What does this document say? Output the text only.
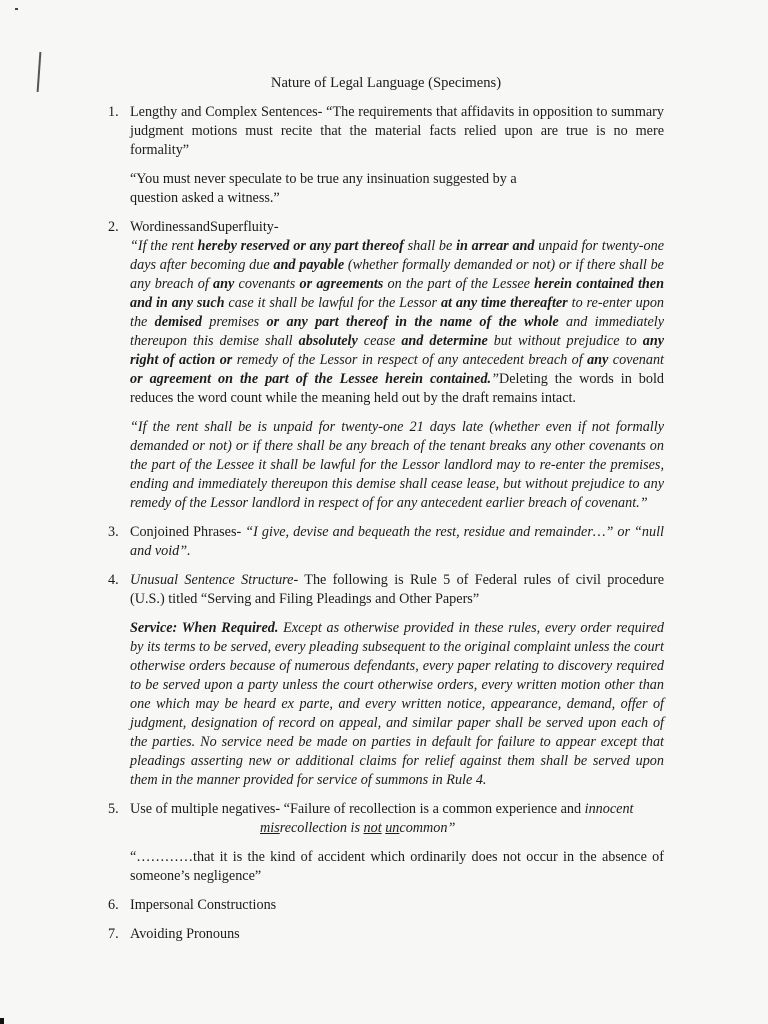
Nature of Legal Language (Specimens)
1. Lengthy and Complex Sentences- “The requirements that affidavits in opposition to summary judgment motions must recite that the material facts relied upon are true is no mere formality”

“You must never speculate to be true any insinuation suggested by a question asked a witness.”

2. WordinessandSuperfluity-

“If the rent hereby reserved or any part thereof shall be in arrear and unpaid for twenty-one days after becoming due and payable (whether formally demanded or not) or if there shall be any breach of any covenants or agreements on the part of the Lessee herein contained then and in any such case it shall be lawful for the Lessor at any time thereafter to re-enter upon the demised premises or any part thereof in the name of the whole and immediately thereupon this demise shall absolutely cease and determine but without prejudice to any right of action or remedy of the Lessor in respect of any antecedent breach of any covenant or agreement on the part of the Lessee herein contained.”Deleting the words in bold reduces the word count while the meaning held out by the draft remains intact.

“If the rent shall be is unpaid for twenty-one 21 days late (whether even if not formally demanded or not) or if there shall be any breach of the tenant breaks any other covenants on the part of the Lessee it shall be lawful for the Lessor landlord may to re-enter the premises, ending and immediately thereupon this demise shall cease lease, but without prejudice to any remedy of the Lessor landlord in respect of for any antecedent earlier breach of covenant.”

3. Conjoined Phrases- “I give, devise and bequeath the rest, residue and remainder…” or “null and void”.

4. Unusual Sentence Structure- The following is Rule 5 of Federal rules of civil procedure (U.S.) titled “Serving and Filing Pleadings and Other Papers”

Service: When Required. Except as otherwise provided in these rules, every order required by its terms to be served, every pleading subsequent to the original complaint unless the court otherwise orders because of numerous defendants, every paper relating to discovery required to be served upon a party unless the court otherwise orders, every written motion other than one which may be heard ex parte, and every written notice, appearance, demand, offer of judgment, designation of record on appeal, and similar paper shall be served upon each of the parties. No service need be made on parties in default for failure to appear except that pleadings asserting new or additional claims for relief against them shall be served upon them in the manner provided for service of summons in Rule 4.

5. Use of multiple negatives- “Failure of recollection is a common experience and innocent
misrecollection is not uncommon”

“…………that it is the kind of accident which ordinarily does not occur in the absence of someone’s negligence”

6. Impersonal Constructions

7. Avoiding Pronouns
